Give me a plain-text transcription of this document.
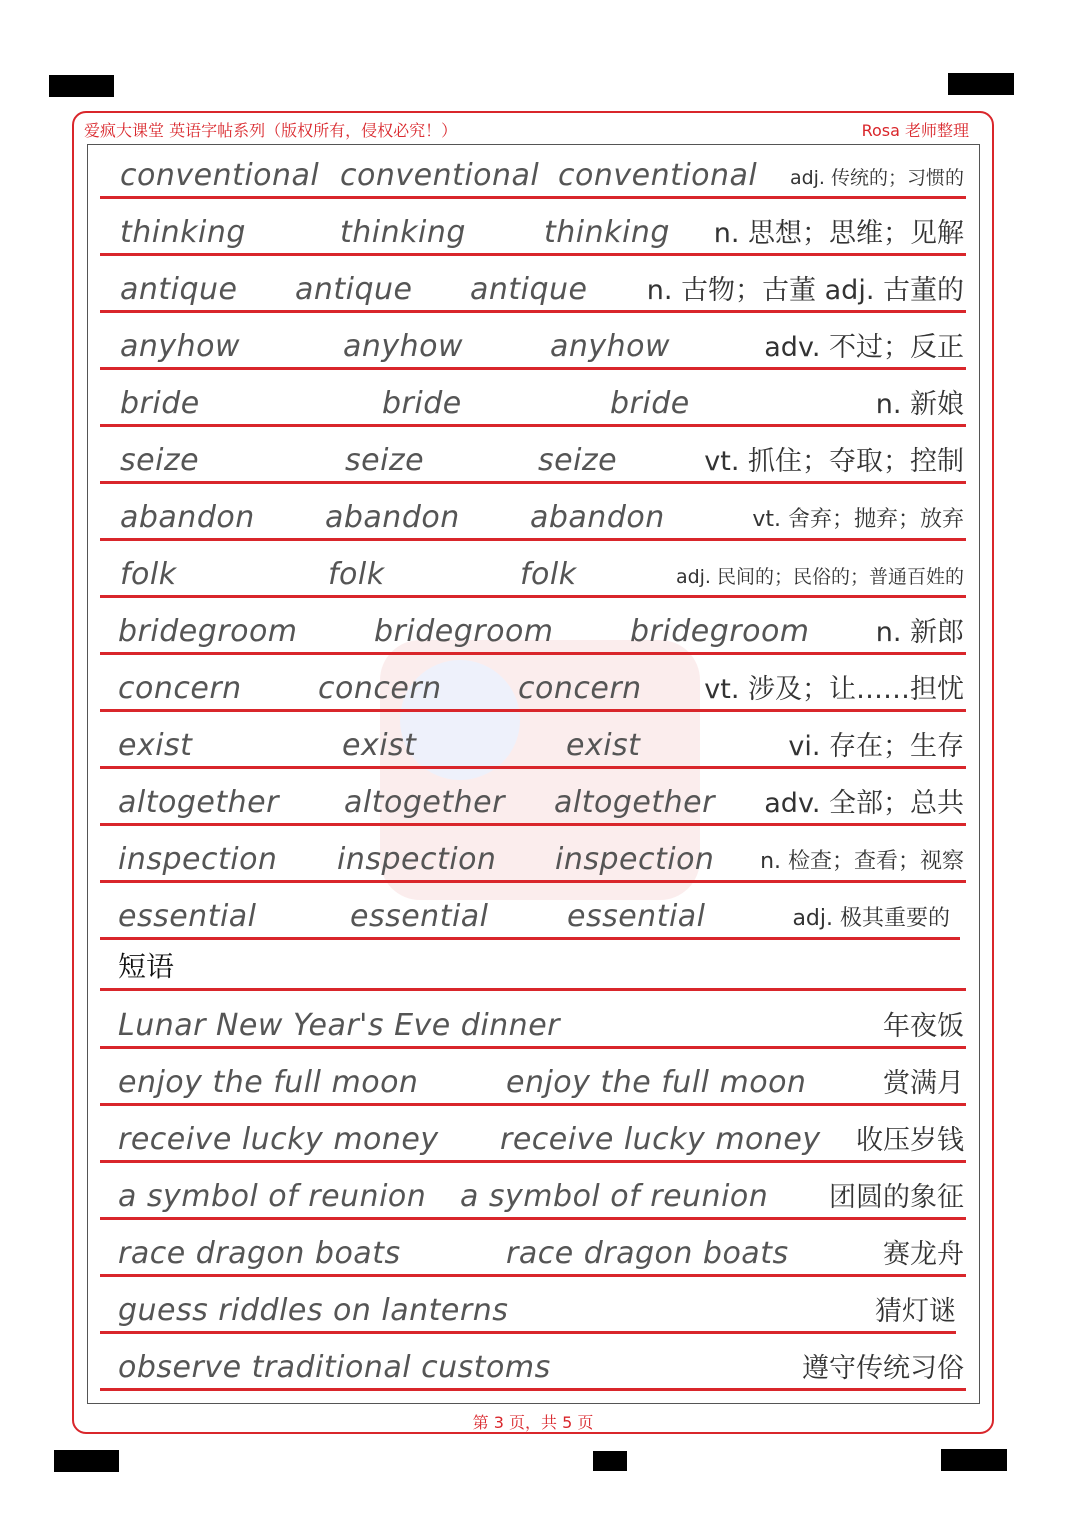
爱疯大课堂 英语字帖系列（版权所有，侵权必究！）	Rosa 老师整理
conventional conventional conventional adj. 传统的；习惯的
thinking	thinking	thinking n. 思想；思维；见解
antique antique antique n. 古物；古董 adj. 古董的
anyhow	anyhow	anyhow	adv. 不过；反正
bride	bride	bride	n. 新娘
seize	seize	seize	vt. 抓住；夺取；控制
abandon abandon abandon	vt. 舍弃；抛弃；放弃
folk	folk	folk	adj. 民间的；民俗的；普通百姓的
bridegroom	bridegroom	bridegroom n. 新郎
concern	concern	concern vt. 涉及；让……担忧
exist	exist	exist	vi. 存在；生存
altogether altogether altogether adv. 全部；总共
inspection inspection inspection n. 检查；查看；视察
essential	essential	essential	adj. 极其重要的
短语
Lunar New Year's Eve dinner	年夜饭
enjoy the full moon	enjoy the full moon	赏满月
receive lucky money receive lucky money 收压岁钱
a symbol of reunion a symbol of reunion 团圆的象征
race dragon boats	race dragon boats	赛龙舟
guess riddles on lanterns	猜灯谜
observe traditional customs	遵守传统习俗
第 3 页，共 5 页
